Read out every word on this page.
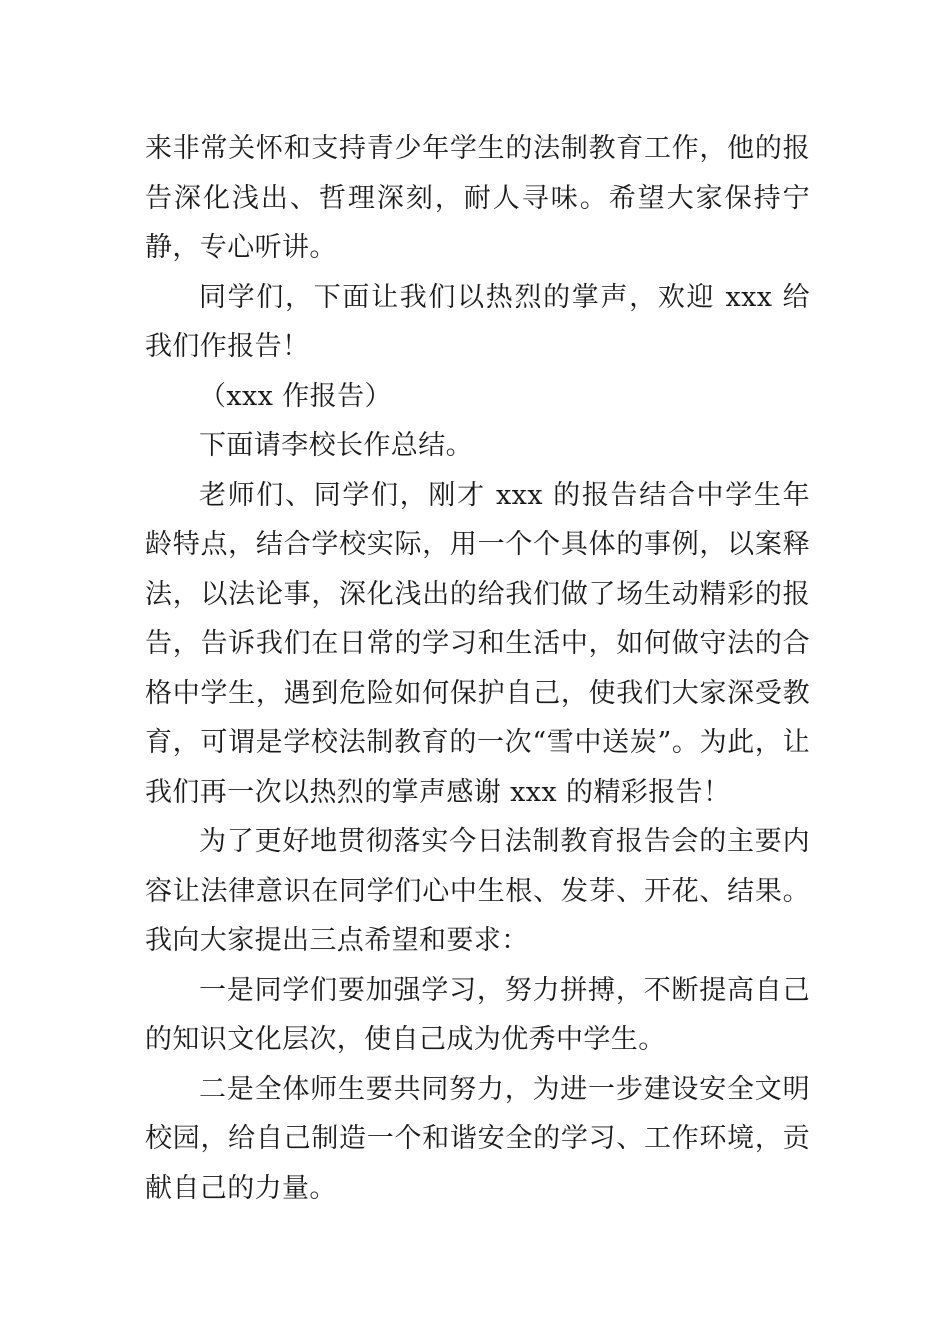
来非常关怀和支持青少年学生的法制教育工作，他的报告深化浅出、哲理深刻，耐人寻味。希望大家保持宁静，专心听讲。

同学们，下面让我们以热烈的掌声，欢迎 xxx 给我们作报告！

（xxx 作报告）

下面请李校长作总结。

老师们、同学们，刚才 xxx 的报告结合中学生年龄特点，结合学校实际，用一个个具体的事例，以案释法，以法论事，深化浅出的给我们做了场生动精彩的报告，告诉我们在日常的学习和生活中，如何做守法的合格中学生，遇到危险如何保护自己，使我们大家深受教育，可谓是学校法制教育的一次“雪中送炭”。为此，让我们再一次以热烈的掌声感谢 xxx 的精彩报告！

为了更好地贯彻落实今日法制教育报告会的主要内容让法律意识在同学们心中生根、发芽、开花、结果。我向大家提出三点希望和要求：

一是同学们要加强学习，努力拼搏，不断提高自己的知识文化层次，使自己成为优秀中学生。

二是全体师生要共同努力，为进一步建设安全文明校园，给自己制造一个和谐安全的学习、工作环境，贡献自己的力量。
